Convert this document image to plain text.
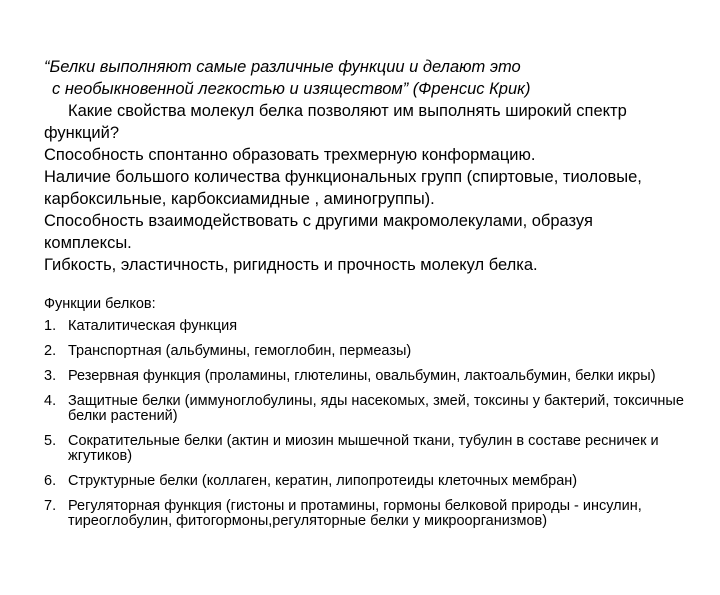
“Белки выполняют самые различные функции и делают это
с необыкновенной легкостью и изяществом” (Френсис Крик)
Какие свойства молекул белка позволяют им выполнять широкий спектр функций?
Способность спонтанно образовать трехмерную конформацию.
Наличие большого количества функциональных групп (спиртовые, тиоловые, карбоксильные, карбоксиамидные , аминогруппы).
Способность взаимодействовать с другими макромолекулами, образуя комплексы.
Гибкость, эластичность, ригидность и прочность молекул белка.
Функции белков:
1. Каталитическая функция
2. Транспортная (альбумины, гемоглобин, пермеазы)
3. Резервная функция (проламины, глютелины, овальбумин, лактоальбумин, белки икры)
4. Защитные белки (иммуноглобулины, яды насекомых, змей, токсины у бактерий, токсичные белки растений)
5. Сократительные белки (актин и миозин мышечной ткани, тубулин в составе ресничек и жгутиков)
6. Структурные белки (коллаген, кератин, липопротеиды клеточных мембран)
7. Регуляторная функция (гистоны и протамины, гормоны белковой природы - инсулин, тиреоглобулин, фитогормоны,регуляторные белки у микроорганизмов)
